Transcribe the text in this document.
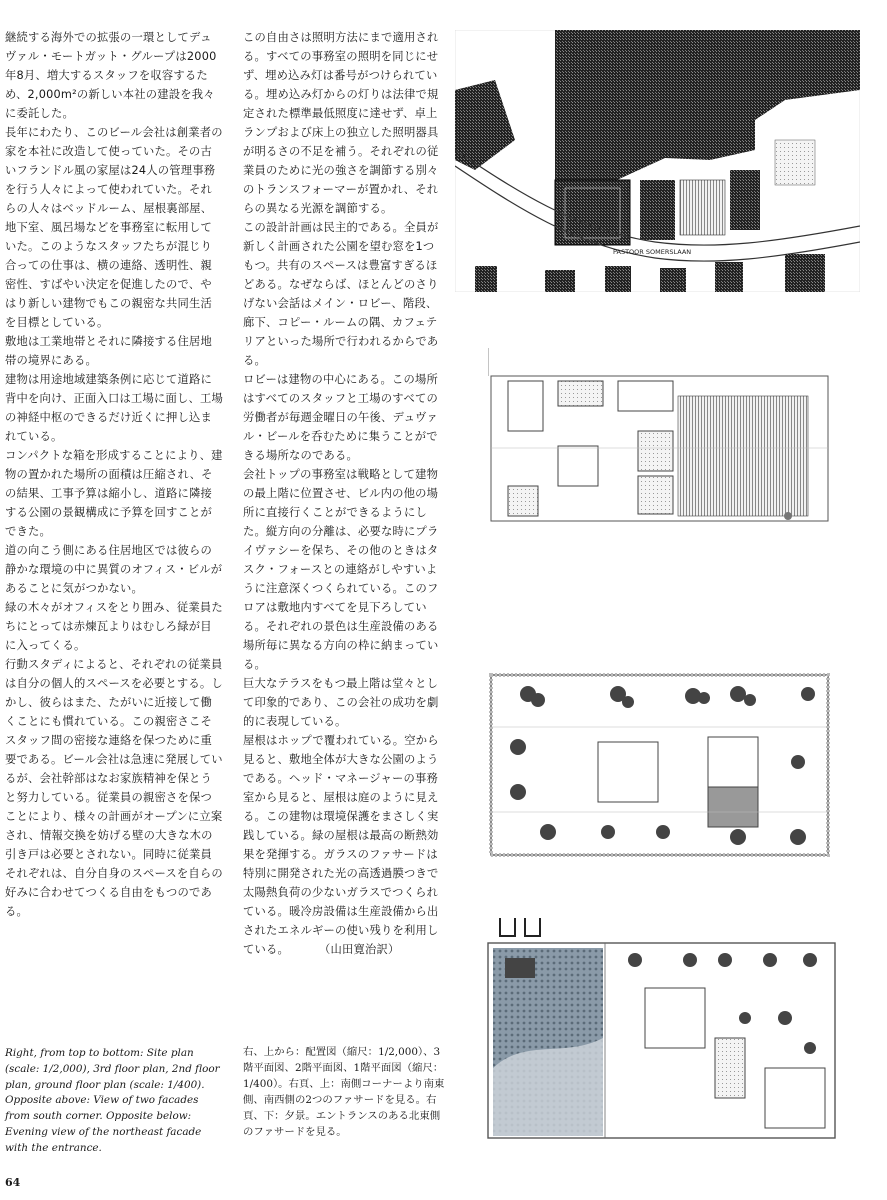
継続する海外での拡張の一環としてデュヴァル・モートガット・グループは2000年8月、増大するスタッフを収容するため、2,000m²の新しい本社の建設を我々に委託した。

長年にわたり、このビール会社は創業者の家を本社に改造して使っていた。その古いフランドル風の家屋は24人の管理事務を行う人々によって使われていた。それらの人々はベッドルーム、屋根裏部屋、地下室、風呂場などを事務室に転用していた。このようなスタッフたちが混じり合っての仕事は、横の連絡、透明性、親密性、すばやい決定を促進したので、やはり新しい建物でもこの親密な共同生活を目標としている。

敷地は工業地帯とそれに隣接する住居地帯の境界にある。

建物は用途地域建築条例に応じて道路に背中を向け、正面入口は工場に面し、工場の神経中枢のできるだけ近くに押し込まれている。

コンパクトな箱を形成することにより、建物の置かれた場所の面積は圧縮され、その結果、工事予算は縮小し、道路に隣接する公園の景観構成に予算を回すことができた。

道の向こう側にある住居地区では彼らの静かな環境の中に異質のオフィス・ビルがあることに気がつかない。

緑の木々がオフィスをとり囲み、従業員たちにとっては赤煉瓦よりはむしろ緑が目に入ってくる。

行動スタディによると、それぞれの従業員は自分の個人的スペースを必要とする。しかし、彼らはまた、たがいに近接して働くことにも慣れている。この親密さこそスタッフ間の密接な連絡を保つために重要である。ビール会社は急速に発展しているが、会社幹部はなお家族精神を保とうと努力している。従業員の親密さを保つことにより、様々の計画がオープンに立案され、情報交換を妨げる壁の大きな木の引き戸は必要とされない。同時に従業員それぞれは、自分自身のスペースを自らの好みに合わせてつくる自由をもつのである。

この自由さは照明方法にまで適用される。すべての事務室の照明を同じにせず、埋め込み灯は番号がつけられている。埋め込み灯からの灯りは法律で規定された標準最低照度に達せず、卓上ランプおよび床上の独立した照明器具が明るさの不足を補う。それぞれの従業員のために光の強さを調節する別々のトランスフォーマーが置かれ、それらの異なる光源を調節する。

この設計計画は民主的である。全員が新しく計画された公園を望む窓を1つもつ。共有のスペースは豊富すぎるほどある。なぜならば、ほとんどのさりげない会話はメイン・ロビー、階段、廊下、コピー・ルームの隅、カフェテリアといった場所で行われるからである。

ロビーは建物の中心にある。この場所はすべてのスタッフと工場のすべての労働者が毎週金曜日の午後、デュヴァル・ビールを呑むために集うことができる場所なのである。

会社トップの事務室は戦略として建物の最上階に位置させ、ビル内の他の場所に直接行くことができるようにした。縦方向の分離は、必要な時にプライヴァシーを保ち、その他のときはタスク・フォースとの連絡がしやすいように注意深くつくられている。このフロアは敷地内すべてを見下ろしている。それぞれの景色は生産設備のある場所毎に異なる方向の枠に納まっている。

巨大なテラスをもつ最上階は堂々として印象的であり、この会社の成功を劇的に表現している。

屋根はホップで覆われている。空から見ると、敷地全体が大きな公園のようである。ヘッド・マネージャーの事務室から見ると、屋根は庭のように見える。この建物は環境保護をまさしく実践している。緑の屋根は最高の断熱効果を発揮する。ガラスのファサードは特別に開発された光の高透過膜つきで太陽熱負荷の少ないガラスでつくられている。暖冷房設備は生産設備から出されたエネルギーの使い残りを利用している。	（山田寛治訳）

PASTOOR SOMERSLAAN
Right, from top to bottom: Site plan (scale: 1/2,000), 3rd floor plan, 2nd floor plan, ground floor plan (scale: 1/400). Opposite above: View of two facades from south corner. Opposite below: Evening view of the northeast facade with the entrance.
右、上から：配置図（縮尺：1/2,000）、3階平面図、2階平面図、1階平面図（縮尺：1/400）。右頁、上：南側コーナーより南東側、南西側の2つのファサードを見る。右頁、下：夕景。エントランスのある北東側のファサードを見る。
64
